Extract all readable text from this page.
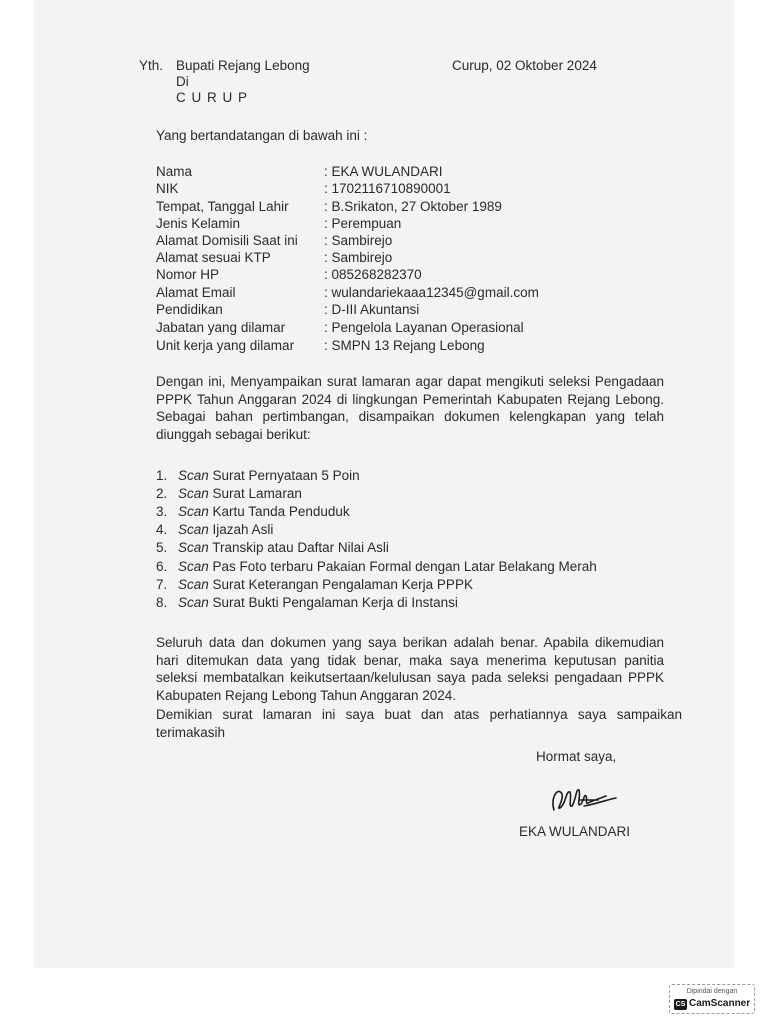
Yth. Bupati Rejang Lebong
Di
C U R U P
Curup, 02 Oktober 2024
Yang bertandatangan di bawah ini :
Nama	: EKA WULANDARI
NIK	: 1702116710890001
Tempat, Tanggal Lahir	: B.Srikaton, 27 Oktober 1989
Jenis Kelamin	: Perempuan
Alamat Domisili Saat ini : Sambirejo
Alamat sesuai KTP	: Sambirejo
Nomor HP	: 085268282370
Alamat Email	: wulandariekaaa12345@gmail.com
Pendidikan	: D-III Akuntansi
Jabatan yang dilamar	: Pengelola Layanan Operasional
Unit kerja yang dilamar : SMPN 13 Rejang Lebong
Dengan ini, Menyampaikan surat lamaran agar dapat mengikuti seleksi Pengadaan PPPK Tahun Anggaran 2024 di lingkungan Pemerintah Kabupaten Rejang Lebong. Sebagai bahan pertimbangan, disampaikan dokumen kelengkapan yang telah diunggah sebagai berikut:
1. Scan Surat Pernyataan 5 Poin
2. Scan Surat Lamaran
3. Scan Kartu Tanda Penduduk
4. Scan Ijazah Asli
5. Scan Transkip atau Daftar Nilai Asli
6. Scan Pas Foto terbaru Pakaian Formal dengan Latar Belakang Merah
7. Scan Surat Keterangan Pengalaman Kerja PPPK
8. Scan Surat Bukti Pengalaman Kerja di Instansi
Seluruh data dan dokumen yang saya berikan adalah benar. Apabila dikemudian hari ditemukan data yang tidak benar, maka saya menerima keputusan panitia seleksi membatalkan keikutsertaan/kelulusan saya pada seleksi pengadaan PPPK Kabupaten Rejang Lebong Tahun Anggaran 2024.
Demikian surat lamaran ini saya buat dan atas perhatiannya saya sampaikan terimakasih
Hormat saya,
EKA WULANDARI
Dipindai dengan
CS CamScanner
